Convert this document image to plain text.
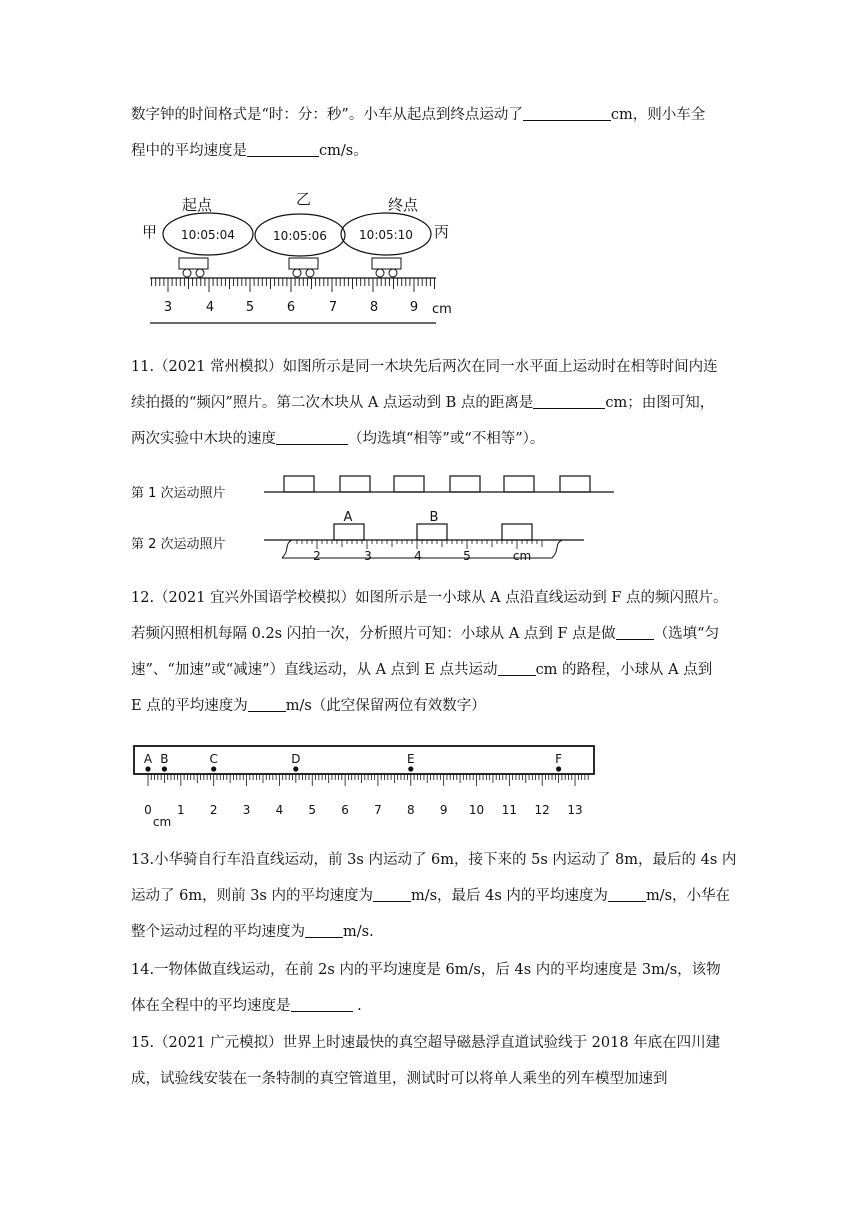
数字钟的时间格式是“时：分：秒”。小车从起点到终点运动了	cm，则小车全
程中的平均速度是	cm/s。
起点	乙	终点
甲	丙
10:05:04	10:05:06	10:05:10
3	4 5	6	7	8 9 cm
11.（2021 常州模拟）如图所示是同一木块先后两次在同一水平面上运动时在相等时间内连
续拍摄的“频闪”照片。第二次木块从 A 点运动到 B 点的距离是	cm；由图可知，
两次实验中木块的速度	（均选填“相等”或“不相等”）。
第 1 次运动照片
第 2 次运动照片
A	B
2	3	4	5	cm
12.（2021 宜兴外国语学校模拟）如图所示是一小球从 A 点沿直线运动到 F 点的频闪照片。
若频闪照相机每隔 0.2s 闪拍一次，分析照片可知：小球从 A 点到 F 点是做	（选填“匀
速”、“加速”或“减速”）直线运动，从 A 点到 E 点共运动	cm 的路程，小球从 A 点到
E 点的平均速度为	m/s（此空保留两位有效数字）
A B	C	D	E	F
0 1 2 3 4 5 6 7 8 9 10 11 12 13
cm
13.小华骑自行车沿直线运动，前 3s 内运动了 6m，接下来的 5s 内运动了 8m，最后的 4s 内
运动了 6m，则前 3s 内的平均速度为	m/s，最后 4s 内的平均速度为	m/s，小华在
整个运动过程的平均速度为	m/s.
14.一物体做直线运动，在前 2s 内的平均速度是 6m/s，后 4s 内的平均速度是 3m/s，该物
体在全程中的平均速度是	.
15.（2021 广元模拟）世界上时速最快的真空超导磁悬浮直道试验线于 2018 年底在四川建
成，试验线安装在一条特制的真空管道里，测试时可以将单人乘坐的列车模型加速到
